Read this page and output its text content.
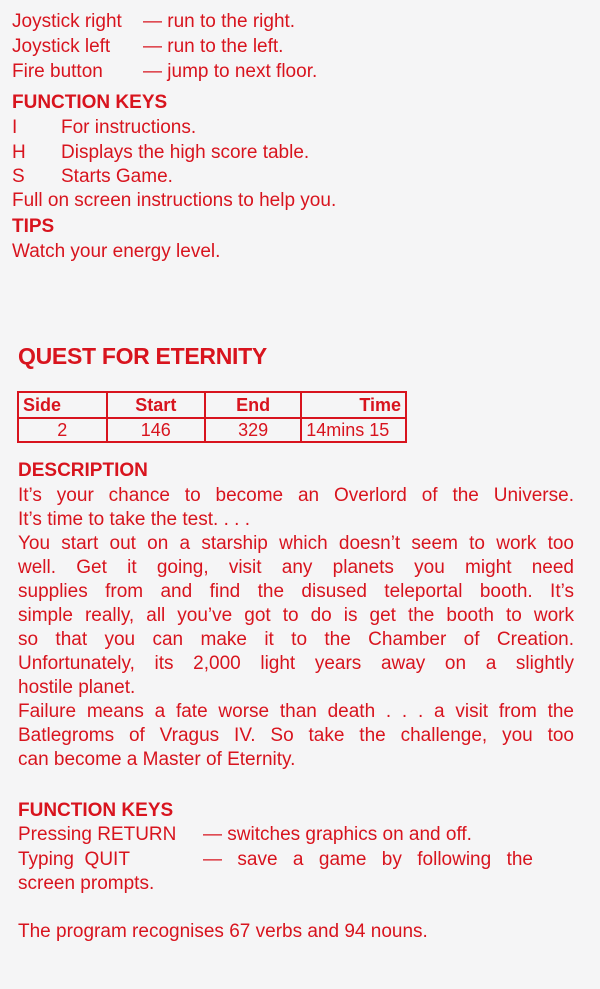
Joystick right — run to the right.
Joystick left — run to the left.
Fire button — jump to next floor.
FUNCTION KEYS
I For instructions.
H Displays the high score table.
S Starts Game.
Full on screen instructions to help you.
TIPS
Watch your energy level.
QUEST FOR ETERNITY
Side	Start	End	Time
2	146	329	14mins 15
DESCRIPTION

It’s your chance to become an Overlord of the Universe.

It’s time to take the test. . . .

You start out on a starship which doesn’t seem to work too

well. Get it going, visit any planets you might need

supplies from and find the disused teleportal booth. It’s

simple really, all you’ve got to do is get the booth to work

so that you can make it to the Chamber of Creation.

Unfortunately, its 2,000 light years away on a slightly

hostile planet.

Failure means a fate worse than death . . . a visit from the

Batlegroms of Vragus IV. So take the challenge, you too

can become a Master of Eternity.

FUNCTION KEYS
Pressing RETURN — switches graphics on and off.
Typing  QUIT	— save a game by following the
screen prompts.
The program recognises 67 verbs and 94 nouns.
